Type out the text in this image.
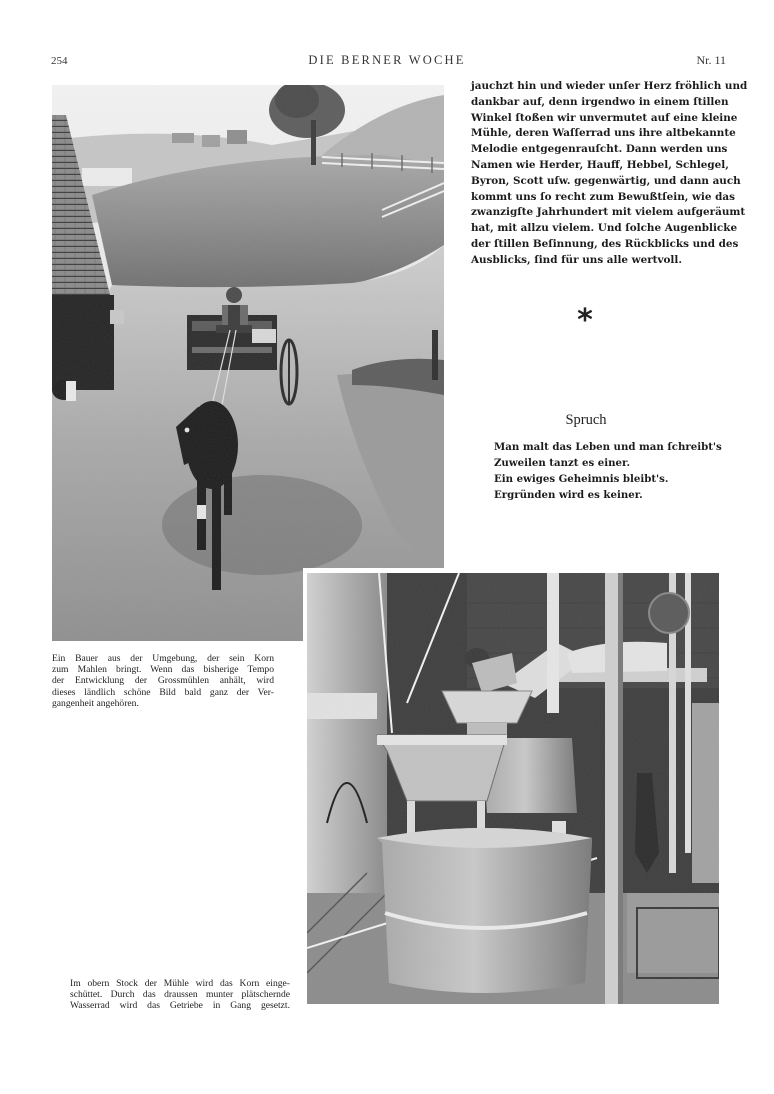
254	DIE BERNER WOCHE	Nr. 11

jauchzt hin und wieder unſer Herz fröhlich und
dankbar auf, denn irgendwo in einem ſtillen
Winkel ſtoßen wir unvermutet auf eine kleine
Mühle, deren Waſſerrad uns ihre altbekannte
Melodie entgegenrauſcht. Dann werden uns
Namen wie Herder, Hauff, Hebbel, Schlegel,
Byron, Scott uſw. gegenwärtig, und dann auch
kommt uns ſo recht zum Bewußtſein, wie das
zwanzigſte Jahrhundert mit vielem aufgeräumt
hat, mit allzu vielem. Und ſolche Augenblicke
der ſtillen Beſinnung, des Rückblicks und des
Ausblicks, ſind für uns alle wertvoll.

*
Spruch
Man malt das Leben und man ſchreibt's
Zuweilen tanzt es einer.
Ein ewiges Geheimnis bleibt's.
Ergründen wird es keiner.
Ein Bauer aus der Umgebung, der sein Korn
zum Mahlen bringt. Wenn das bisherige Tempo
der Entwicklung der Grossmühlen anhält, wird
dieses ländlich schöne Bild bald ganz der Ver-
gangenheit angehören.
Im obern Stock der Mühle wird das Korn einge-
schüttet. Durch das draussen munter plätschernde
Wasserrad wird das Getriebe in Gang gesetzt.
